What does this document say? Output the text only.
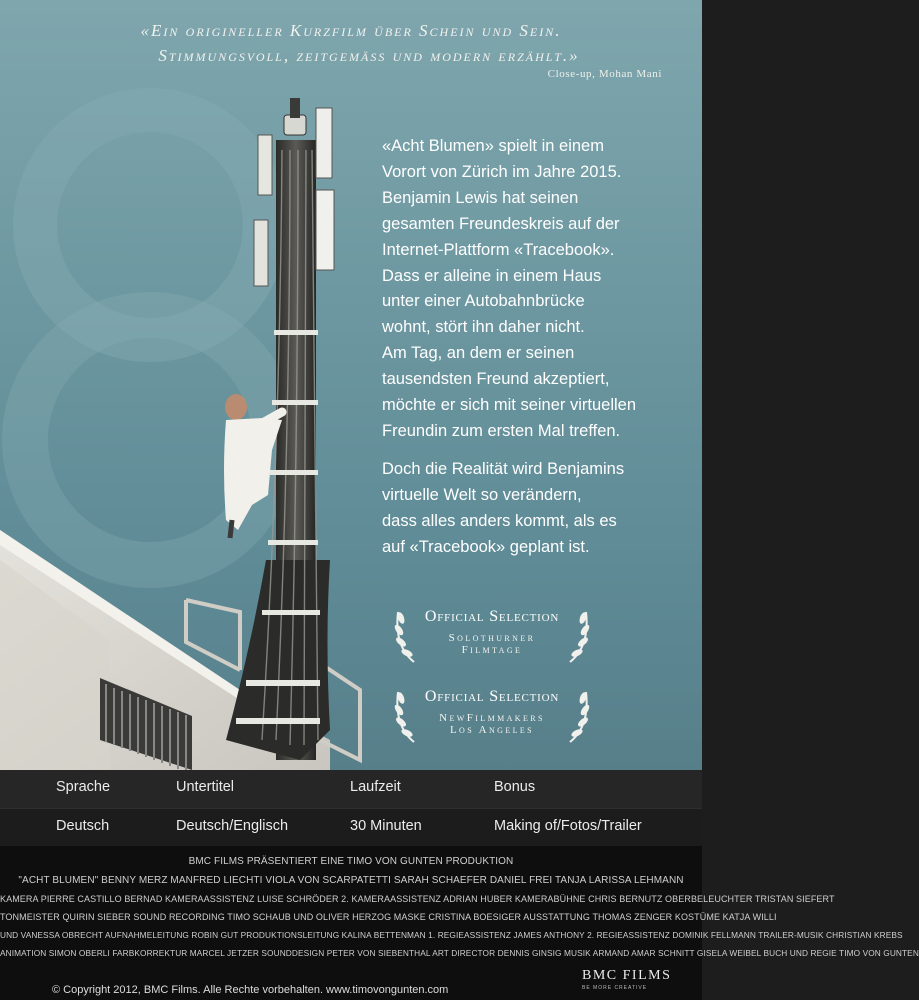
«Ein origineller Kurzfilm über Schein und Sein.
Stimmungsvoll, zeitgemäss und modern erzählt.»
Close-up, Mohan Mani

«Acht Blumen» spielt in einem
Vorort von Zürich im Jahre 2015.
Benjamin Lewis hat seinen
gesamten Freundeskreis auf der
Internet-Plattform «Tracebook».
Dass er alleine in einem Haus
unter einer Autobahnbrücke
wohnt, stört ihn daher nicht.
Am Tag, an dem er seinen
tausendsten Freund akzeptiert,
möchte er sich mit seiner virtuellen
Freundin zum ersten Mal treffen.

Doch die Realität wird Benjamins
virtuelle Welt so verändern,
dass alles anders kommt, als es
auf «Tracebook» geplant ist.

Official Selection
Solothurner
Filmtage
Official Selection
NewFilmmakers
Los Angeles
Sprache	Untertitel	Laufzeit	Bonus
Deutsch	Deutsch/Englisch	30 Minuten	Making of/Fotos/Trailer
BMC FILMS PRÄSENTIERT EINE TIMO VON GUNTEN PRODUKTION
"ACHT BLUMEN" BENNY MERZ MANFRED LIECHTI VIOLA VON SCARPATETTI SARAH SCHAEFER DANIEL FREI TANJA LARISSA LEHMANN
KAMERA PIERRE CASTILLO BERNAD KAMERAASSISTENZ LUISE SCHRÖDER 2. KAMERAASSISTENZ ADRIAN HUBER KAMERABÜHNE CHRIS BERNUTZ OBERBELEUCHTER TRISTAN SIEFERT
TONMEISTER QUIRIN SIEBER SOUND RECORDING TIMO SCHAUB UND OLIVER HERZOG MASKE CRISTINA BOESIGER AUSSTATTUNG THOMAS ZENGER KOSTÜME KATJA WILLI
UND VANESSA OBRECHT AUFNAHMELEITUNG ROBIN GUT PRODUKTIONSLEITUNG KALINA BETTENMAN 1. REGIEASSISTENZ JAMES ANTHONY 2. REGIEASSISTENZ DOMINIK FELLMANN TRAILER-MUSIK CHRISTIAN KREBS
ANIMATION SIMON OBERLI FARBKORREKTUR MARCEL JETZER SOUNDDESIGN PETER VON SIEBENTHAL ART DIRECTOR DENNIS GINSIG MUSIK ARMAND AMAR SCHNITT GISELA WEIBEL BUCH UND REGIE TIMO VON GUNTEN
© Copyright 2012, BMC Films. Alle Rechte vorbehalten. www.timovongunten.com
BMC FILMS
BE MORE CREATIVE
